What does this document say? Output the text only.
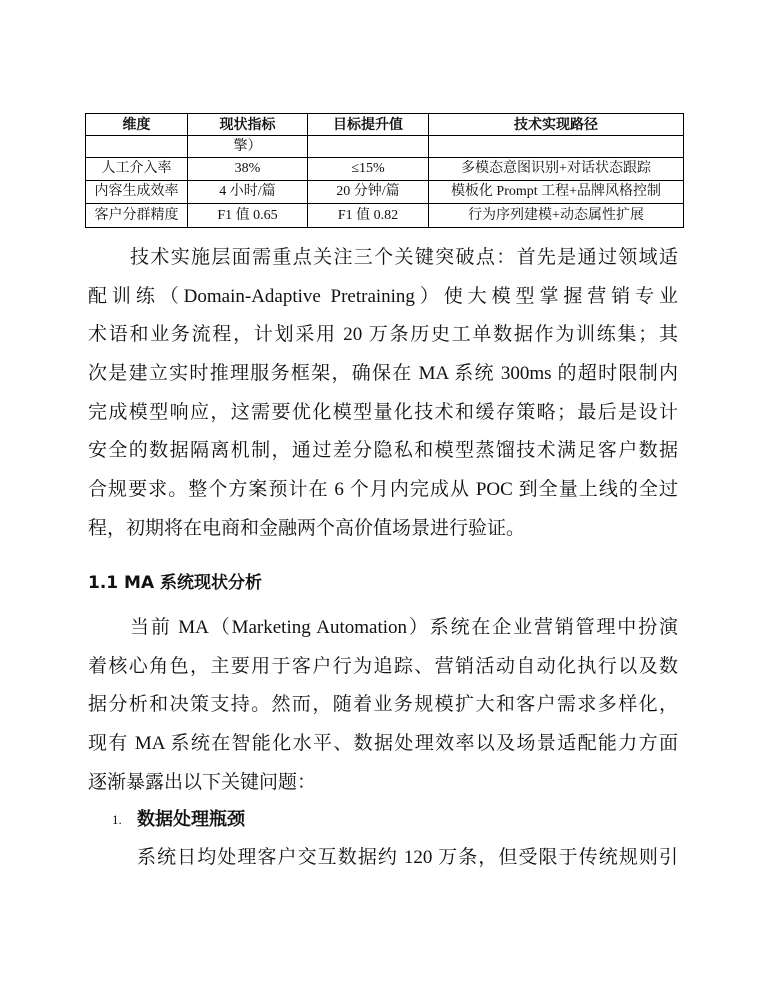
维度	现状指标	目标提升值	技术实现路径
	擎）		
人工介入率	38%	≤15%	多模态意图识别+对话状态跟踪
内容生成效率	4 小时/篇	20 分钟/篇	模板化 Prompt 工程+品牌风格控制
客户分群精度	F1 值 0.65	F1 值 0.82	行为序列建模+动态属性扩展
技术实施层面需重点关注三个关键突破点：首先是通过领域适
配训练（Domain-Adaptive Pretraining）使大模型掌握营销专业
术语和业务流程，计划采用 20 万条历史工单数据作为训练集；其
次是建立实时推理服务框架，确保在 MA 系统 300ms 的超时限制内
完成模型响应，这需要优化模型量化技术和缓存策略；最后是设计
安全的数据隔离机制，通过差分隐私和模型蒸馏技术满足客户数据
合规要求。整个方案预计在 6 个月内完成从 POC 到全量上线的全过
程，初期将在电商和金融两个高价值场景进行验证。
1.1 MA 系统现状分析
当前 MA（Marketing Automation）系统在企业营销管理中扮演
着核心角色，主要用于客户行为追踪、营销活动自动化执行以及数
据分析和决策支持。然而，随着业务规模扩大和客户需求多样化，
现有 MA 系统在智能化水平、数据处理效率以及场景适配能力方面
逐渐暴露出以下关键问题：
1. 数据处理瓶颈
系统日均处理客户交互数据约 120 万条，但受限于传统规则引
